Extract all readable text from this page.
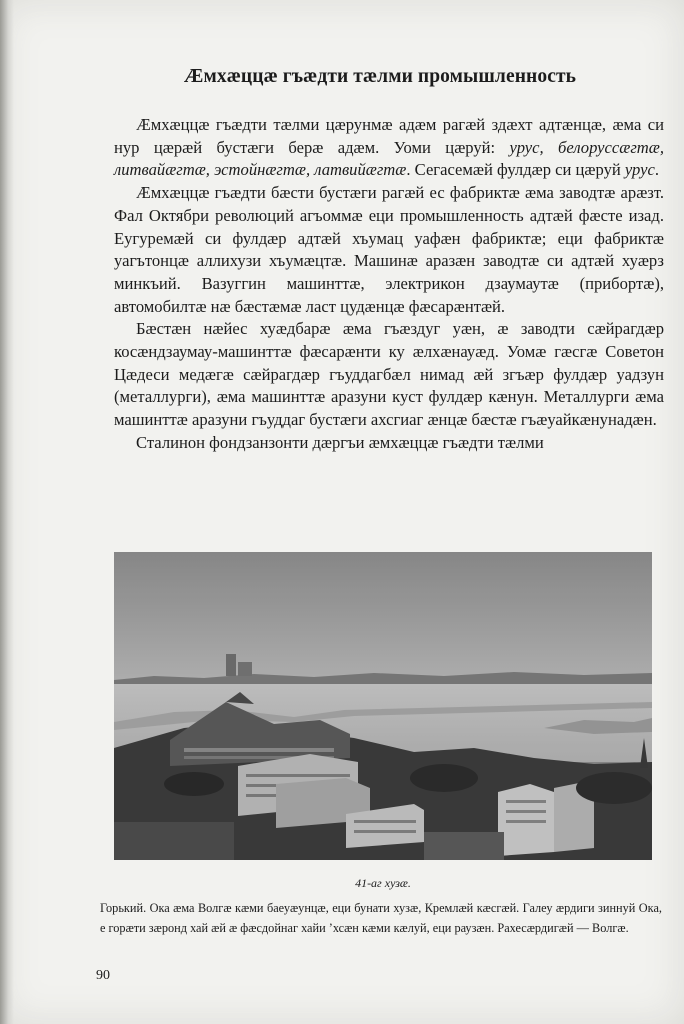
Æмхæццæ гъæдти тæлми промышленность

Æмхæццæ гъæдти тæлми цæрунмæ адæм рагæй здæхт адтæнцæ, æма си нур цæрæй бустæги берæ адæм. Уоми цæруй: урус, белоруссæгтæ, литвайæгтæ, эстойнæгтæ, латвийæгтæ. Сегасемæй фулдæр си цæруй урус.

Æмхæццæ гъæдти бæсти бустæги рагæй ес фабриктæ æма заводтæ арæзт. Фал Октябри революций агъоммæ еци промышленность адтæй фæсте изад. Еугуремæй си фулдæр адтæй хъумац уафæн фабриктæ; еци фабриктæ уагътонцæ аллихузи хъумæцтæ. Машинæ аразæн заводтæ си адтæй хуæрз минкъий. Вазуггин машинттæ, электрикон дзаумаутæ (прибортæ), автомобилтæ нæ бæстæмæ ласт цудæнцæ фæсарæнтæй.

Бæстæн нæйес хуæдбарæ æма гъæздуг уæн, æ заводти сæйрагдæр косæндзаумау-машинттæ фæсарæнти ку æлхæнауæд. Уомæ гæсгæ Советон Цæдеси медæгæ сæйрагдæр гъуддагбæл нимад æй згъæр фулдæр уадзун (металлурги), æма машинттæ аразуни куст фулдæр кæнун. Металлурги æма машинттæ аразуни гъуддаг бустæги ахсгиаг æнцæ бæстæ гъæуайкæнунадæн.

Сталинон фондзанзонти дæргъи æмхæццæ гъæдти тæлми

41-аг хузæ.

Горький. Ока æма Волгæ кæми баеуæунцæ, еци бунати хузæ, Кремлæй кæсгæй. Галеу æрдиги зиннуй Ока, е горæти зæронд хай æй æ фæсдойнаг хайи ’хсæн кæми кæлуй, еци раузæн. Рахесæрдигæй — Волгæ.

90
